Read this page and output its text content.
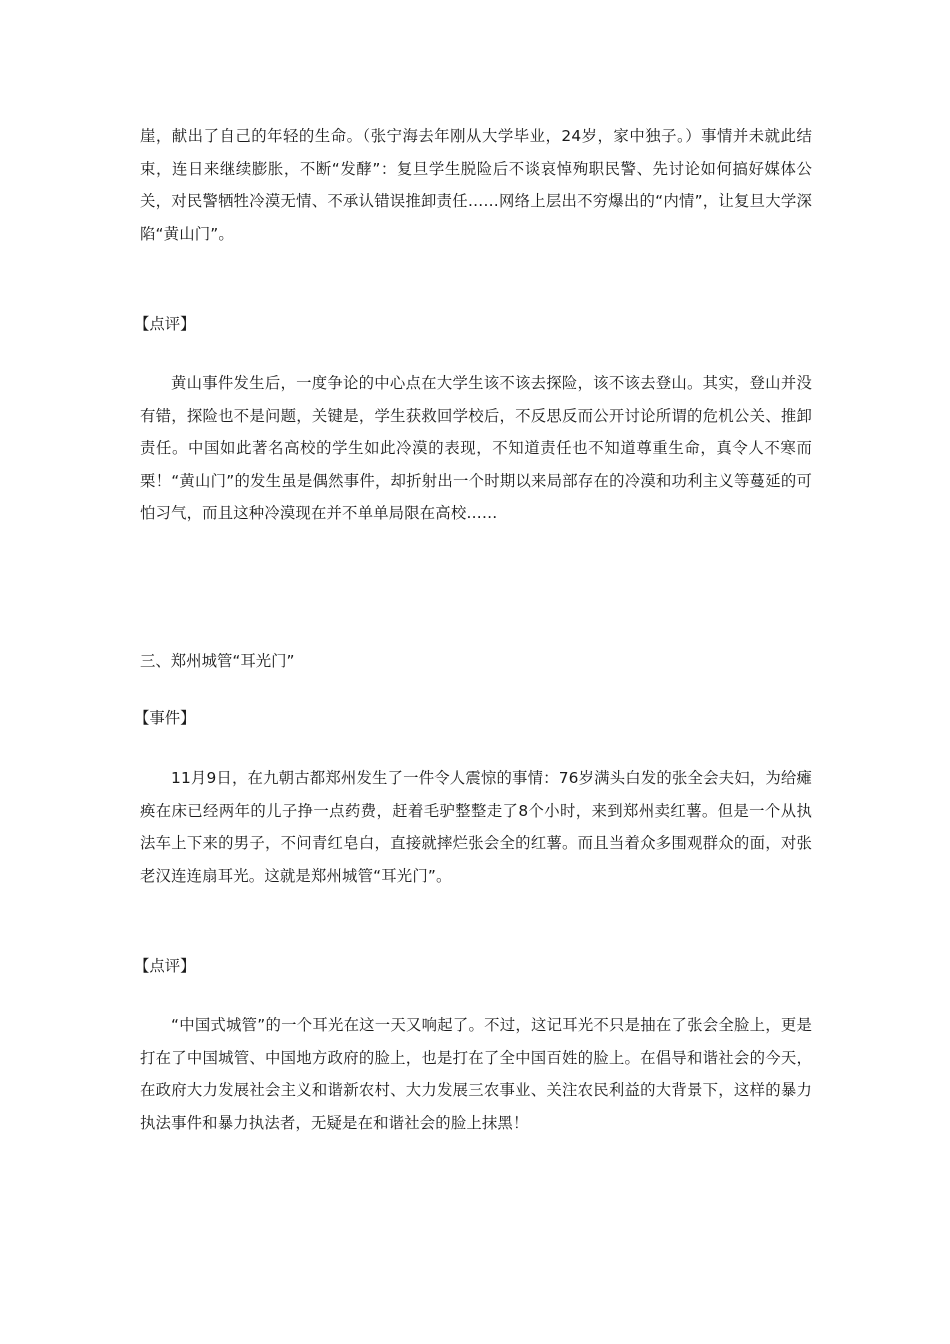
崖，献出了自己的年轻的生命。（张宁海去年刚从大学毕业，24岁，家中独子。）事情并未就此结束，连日来继续膨胀，不断“发酵”：复旦学生脱险后不谈哀悼殉职民警、先讨论如何搞好媒体公关，对民警牺牲冷漠无情、不承认错误推卸责任……网络上层出不穷爆出的“内情”，让复旦大学深陷“黄山门”。

【点评】

黄山事件发生后，一度争论的中心点在大学生该不该去探险，该不该去登山。其实，登山并没有错，探险也不是问题，关键是，学生获救回学校后，不反思反而公开讨论所谓的危机公关、推卸责任。中国如此著名高校的学生如此冷漠的表现，不知道责任也不知道尊重生命，真令人不寒而栗！“黄山门”的发生虽是偶然事件，却折射出一个时期以来局部存在的冷漠和功利主义等蔓延的可怕习气，而且这种冷漠现在并不单单局限在高校……

三、郑州城管“耳光门”

【事件】

11月9日，在九朝古都郑州发生了一件令人震惊的事情：76岁满头白发的张全会夫妇，为给瘫痪在床已经两年的儿子挣一点药费，赶着毛驴整整走了8个小时，来到郑州卖红薯。但是一个从执法车上下来的男子，不问青红皂白，直接就摔烂张会全的红薯。而且当着众多围观群众的面，对张老汉连连扇耳光。这就是郑州城管“耳光门”。

【点评】

“中国式城管”的一个耳光在这一天又响起了。不过，这记耳光不只是抽在了张会全脸上，更是打在了中国城管、中国地方政府的脸上，也是打在了全中国百姓的脸上。在倡导和谐社会的今天，在政府大力发展社会主义和谐新农村、大力发展三农事业、关注农民利益的大背景下，这样的暴力执法事件和暴力执法者，无疑是在和谐社会的脸上抹黑！
